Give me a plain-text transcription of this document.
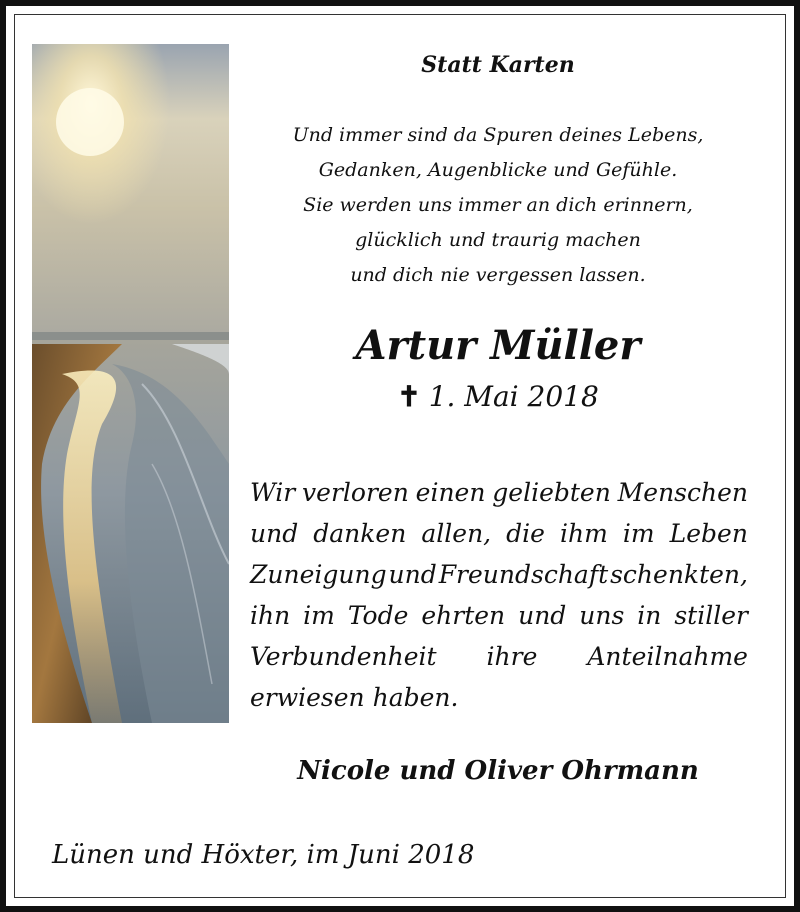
Statt Karten
Und immer sind da Spuren deines Lebens,
Gedanken, Augenblicke und Gefühle.
Sie werden uns immer an dich erinnern,
glücklich und traurig machen
und dich nie vergessen lassen.
Artur Müller
✝ 1. Mai 2018
Wir verloren einen geliebten Menschen
und danken allen, die ihm im Leben
Zuneigung und Freundschaft schenkten,
ihn im Tode ehrten und uns in stiller
Verbundenheit ihre Anteilnahme
erwiesen haben.
Nicole und Oliver Ohrmann
Lünen und Höxter, im Juni 2018
